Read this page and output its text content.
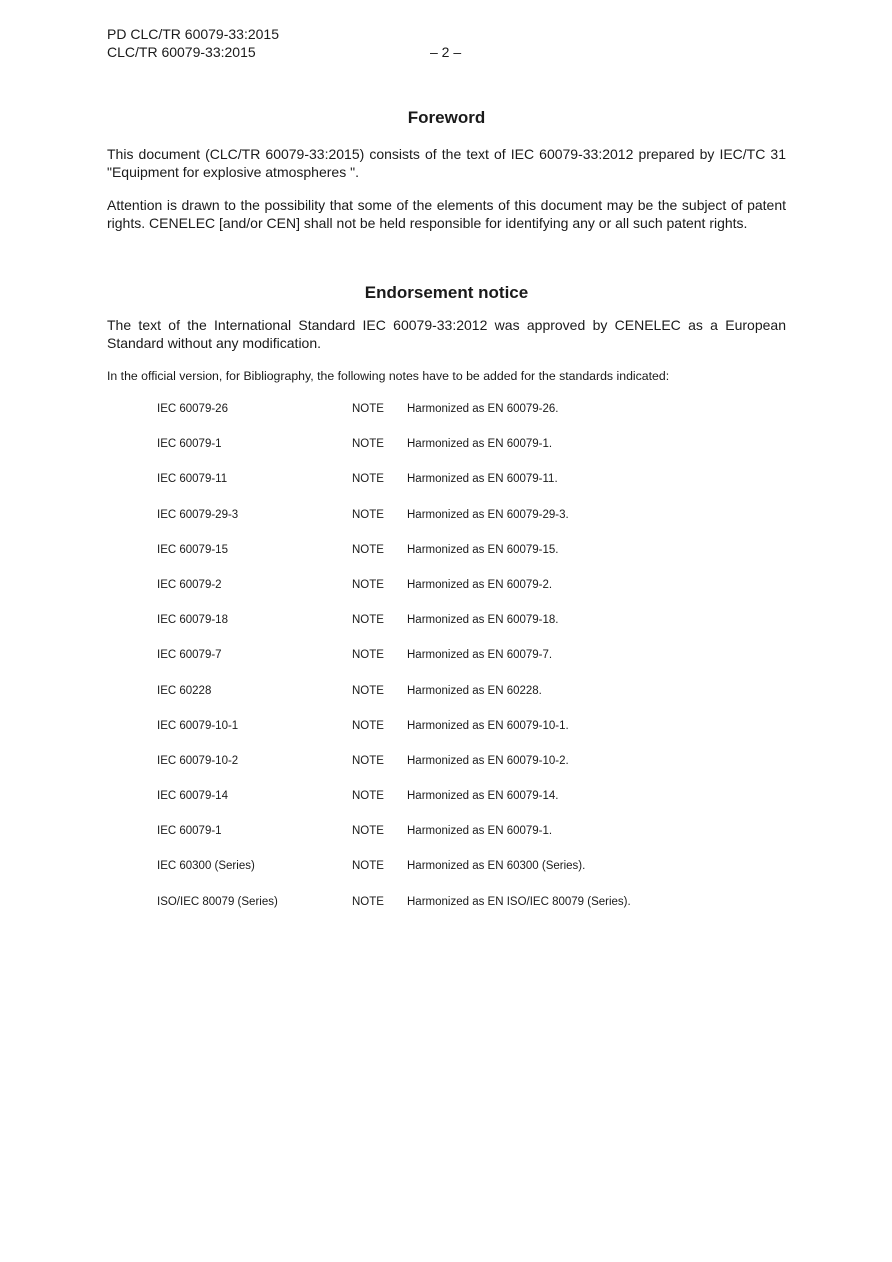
PD CLC/TR 60079-33:2015
CLC/TR 60079-33:2015	– 2 –
Foreword

This document (CLC/TR 60079-33:2015) consists of the text of IEC 60079-33:2012 prepared by IEC/TC 31 "Equipment for explosive atmospheres ".

Attention is drawn to the possibility that some of the elements of this document may be the subject of patent rights. CENELEC [and/or CEN] shall not be held responsible for identifying any or all such patent rights.

Endorsement notice

The text of the International Standard IEC 60079-33:2012 was approved by CENELEC as a European Standard without any modification.

In the official version, for Bibliography, the following notes have to be added for the standards indicated:

IEC 60079-26	NOTE Harmonized as EN 60079-26.
IEC 60079-1	NOTE Harmonized as EN 60079-1.
IEC 60079-11	NOTE Harmonized as EN 60079-11.
IEC 60079-29-3	NOTE Harmonized as EN 60079-29-3.
IEC 60079-15	NOTE Harmonized as EN 60079-15.
IEC 60079-2	NOTE Harmonized as EN 60079-2.
IEC 60079-18	NOTE Harmonized as EN 60079-18.
IEC 60079-7	NOTE Harmonized as EN 60079-7.
IEC 60228	NOTE Harmonized as EN 60228.
IEC 60079-10-1	NOTE Harmonized as EN 60079-10-1.
IEC 60079-10-2	NOTE Harmonized as EN 60079-10-2.
IEC 60079-14	NOTE Harmonized as EN 60079-14.
IEC 60079-1	NOTE Harmonized as EN 60079-1.
IEC 60300 (Series)	NOTE Harmonized as EN 60300 (Series).
ISO/IEC 80079 (Series)	NOTE Harmonized as EN ISO/IEC 80079 (Series).
